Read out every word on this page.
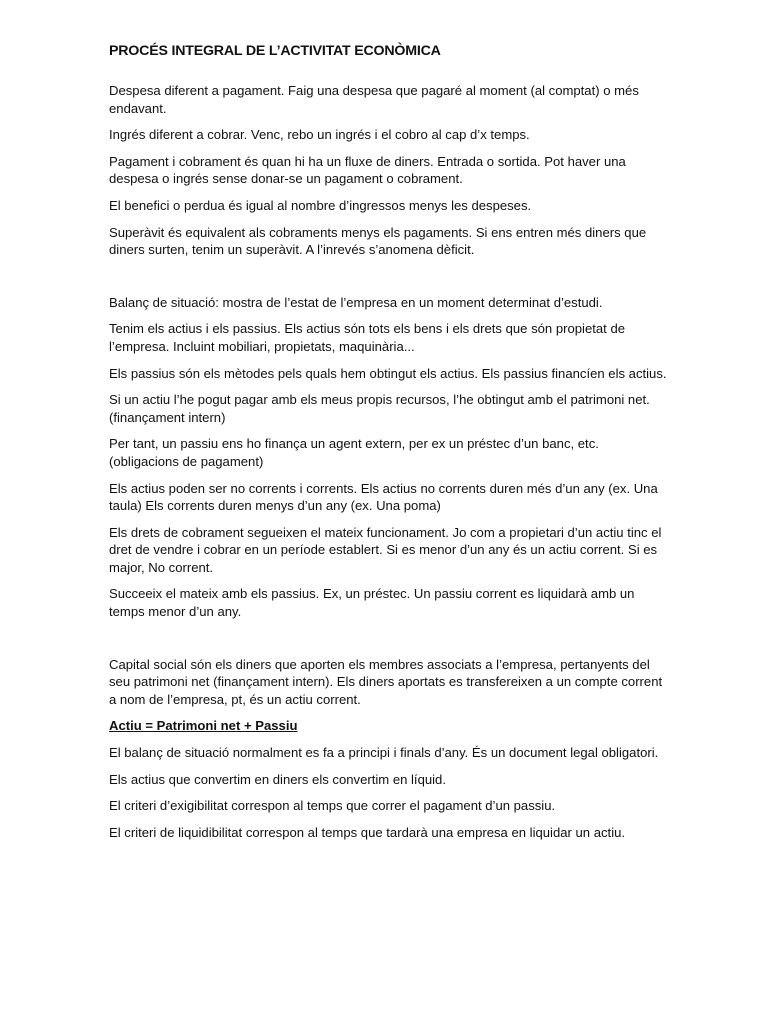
PROCÉS INTEGRAL DE L’ACTIVITAT ECONÒMICA

Despesa diferent a pagament. Faig una despesa que pagaré al moment (al comptat) o més endavant.

Ingrés diferent a cobrar. Venc, rebo un ingrés i el cobro al cap d’x temps.

Pagament i cobrament és quan hi ha un fluxe de diners. Entrada o sortida. Pot haver una despesa o ingrés sense donar-se un pagament o cobrament.

El benefici o perdua és igual al nombre d’ingressos menys les despeses.

Superàvit és equivalent als cobraments menys els pagaments. Si ens entren més diners que diners surten, tenim un superàvit. A l’inrevés s’anomena dèficit.

Balanç de situació: mostra de l’estat de l’empresa en un moment determinat d’estudi.

Tenim els actius i els passius. Els actius són tots els bens i els drets que són propietat de l’empresa. Incluint mobiliari, propietats, maquinària...

Els passius són els mètodes pels quals hem obtingut els actius. Els passius financíen els actius.

Si un actiu l’he pogut pagar amb els meus propis recursos, l’he obtingut amb el patrimoni net. (finançament intern)

Per tant, un passiu ens ho finança un agent extern, per ex un préstec d’un banc, etc. (obligacions de pagament)

Els actius poden ser no corrents i corrents. Els actius no corrents duren més d’un any (ex. Una taula) Els corrents duren menys d’un any (ex. Una poma)

Els drets de cobrament segueixen el mateix funcionament. Jo com a propietari d’un actiu tinc el dret de vendre i cobrar en un període establert. Si es menor d’un any és un actiu corrent. Si es major, No corrent.

Succeeix el mateix amb els passius. Ex, un préstec. Un passiu corrent es liquidarà amb un temps menor d’un any.

Capital social són els diners que aporten els membres associats a l’empresa, pertanyents del seu patrimoni net (finançament intern). Els diners aportats es transfereixen a un compte corrent a nom de l’empresa, pt, és un actiu corrent.

Actiu = Patrimoni net + Passiu

El balanç de situació normalment es fa a principi i finals d’any. És un document legal obligatori.

Els actius que convertim en diners els convertim en líquid.

El criteri d’exigibilitat correspon al temps que correr el pagament d’un passiu.

El criteri de liquidibilitat correspon al temps que tardarà una empresa en liquidar un actiu.
